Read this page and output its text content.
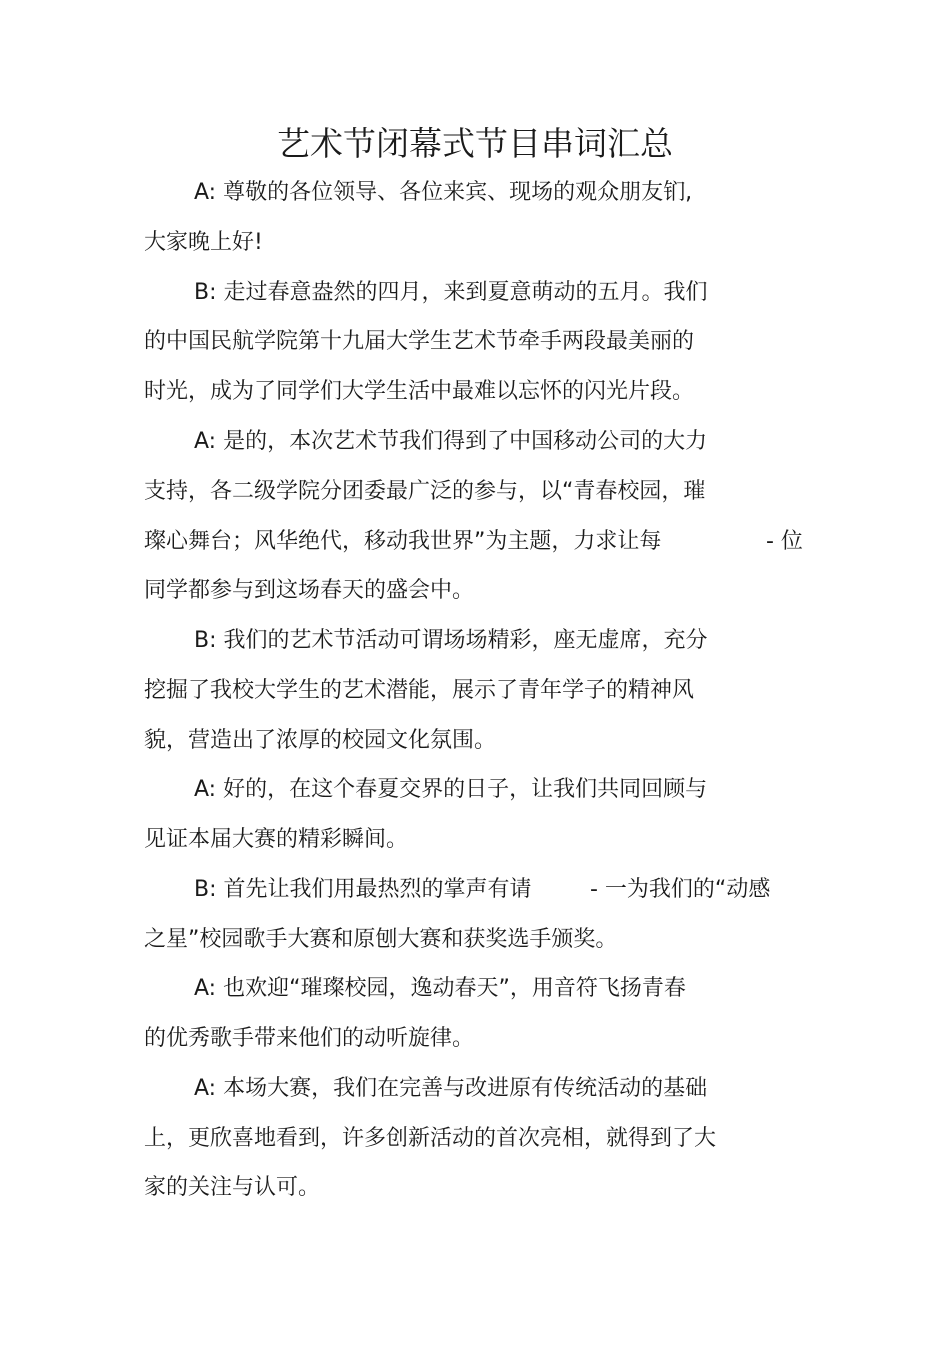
艺术节闭幕式节目串词汇总
A: 尊敬的各位领导、各位来宾、现场的观众朋友钔,
大家晚上好!
B: 走过春意盎然的四月，来到夏意萌动的五月。我们
的中国民航学院第十九届大学生艺术节牵手两段最美丽的
时光，成为了同学们大学生活中最难以忘怀的闪光片段。
A: 是的，本次艺术节我们得到了中国移动公司的大力
支持，各二级学院分团委最广泛的参与，以“青春校园，璀
璨心舞台；风华绝代，移动我世界”为主题，力求让每	- 位
同学都参与到这场春天的盛会中。
B: 我们的艺术节活动可谓场场精彩，座无虚席，充分
挖掘了我校大学生的艺术潜能，展示了青年学子的精神风
貌，营造出了浓厚的校园文化氛围。
A: 好的，在这个春夏交界的日子，让我们共同回顾与
见证本届大赛的精彩瞬间。
B: 首先让我们用最热烈的掌声有请	- 一为我们的“动感
之星”校园歌手大赛和原刨大赛和获奖选手颁奖。
A: 也欢迎“璀璨校园，逸动春天”，用音符飞扬青春
的优秀歌手带来他们的动听旋律。
A: 本场大赛，我们在完善与改进原有传统活动的基础
上，更欣喜地看到，许多创新活动的首次亮相，就得到了大
家的关注与认可。
